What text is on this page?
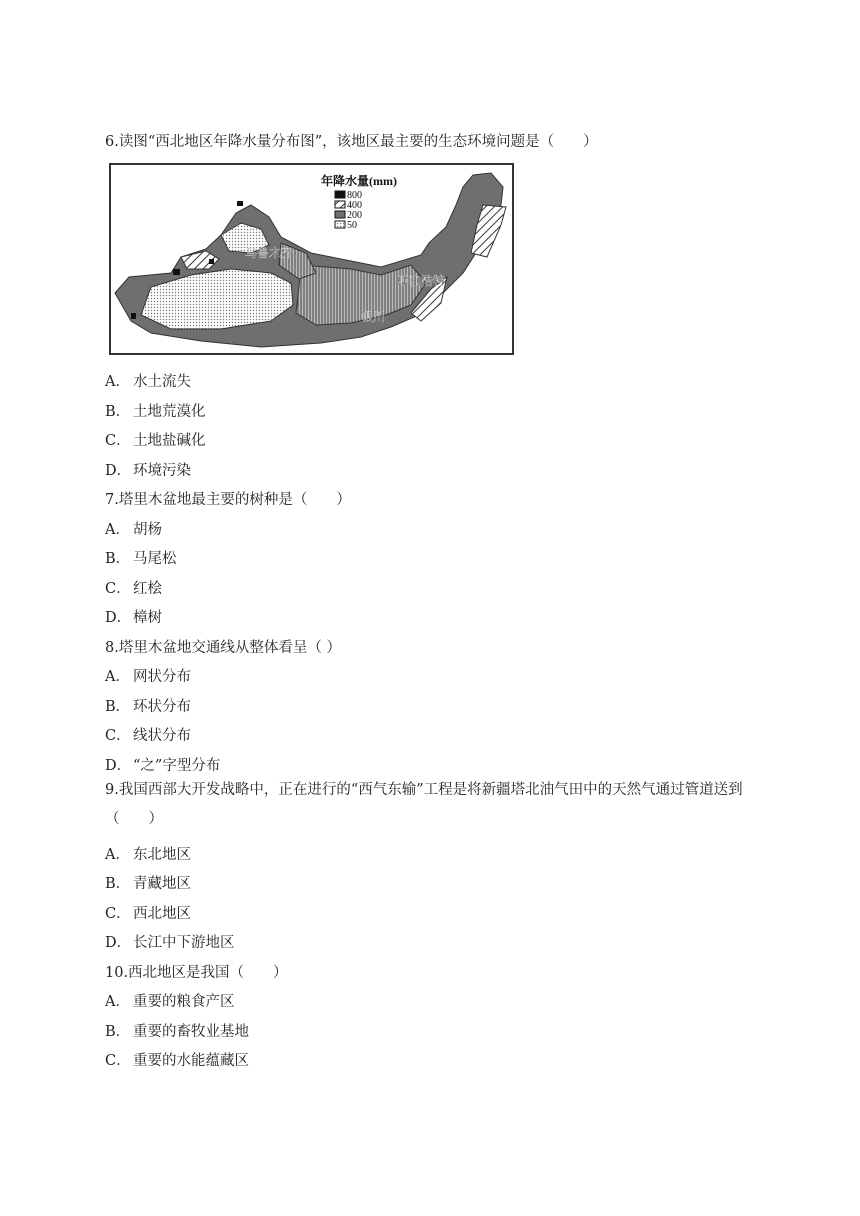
6.读图“西北地区年降水量分布图”，该地区最主要的生态环境问题是（　　）
年降水量(mm)
800
400
200
50
乌鲁木齐
呼和浩特
银川
A． 水土流失
B． 土地荒漠化
C． 土地盐碱化
D． 环境污染
7.塔里木盆地最主要的树种是（　　）
A． 胡杨
B． 马尾松
C． 红桧
D． 樟树
8.塔里木盆地交通线从整体看呈（ ）
A． 网状分布
B． 环状分布
C． 线状分布
D． “之”字型分布
9.我国西部大开发战略中，正在进行的“西气东输”工程是将新疆塔北油气田中的天然气通过管道送到（　　）
A． 东北地区
B． 青藏地区
C． 西北地区
D． 长江中下游地区
10.西北地区是我国（　　）
A． 重要的粮食产区
B． 重要的畜牧业基地
C． 重要的水能蕴藏区
